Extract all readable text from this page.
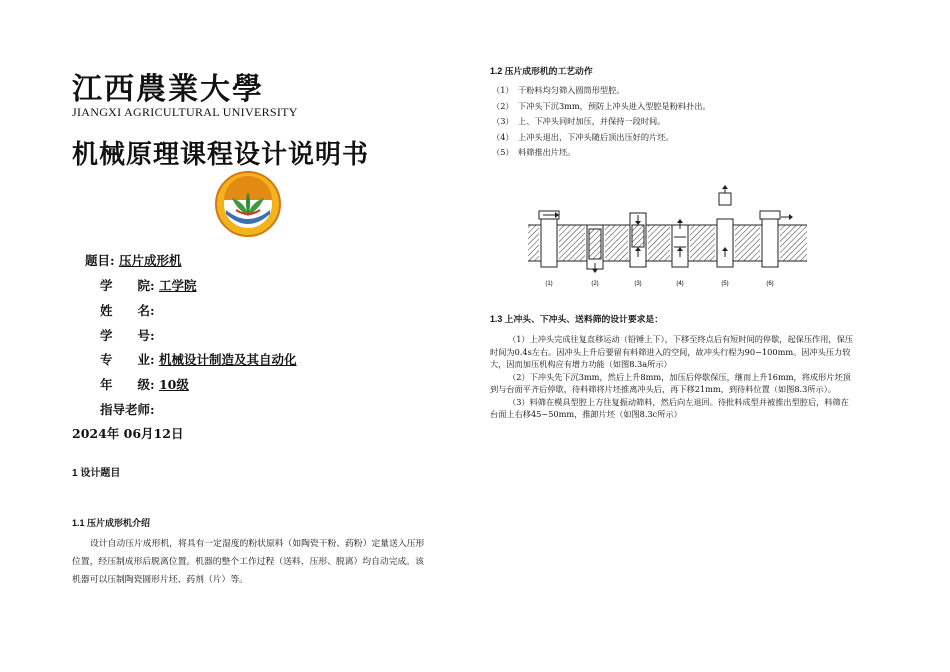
江西農業大學
JIANGXI AGRICULTURAL UNIVERSITY
机械原理课程设计说明书
题目: 压片成形机
学　　院: 工学院
姓　　名:
学　　号:
专　　业: 机械设计制造及其自动化
年　　级: 10级
指导老师:
2024年 06月12日
1 设计题目
1.1 压片成形机介绍
设计自动压片成形机，将具有一定湿度的粉状原料（如陶瓷干粉、药粉）定量送入压形
位置，经压制成形后脱离位置。机器的整个工作过程（送料、压形、脱离）均自动完成。该
机器可以压制陶瓷圆形片坯、药剂（片）等。
1.2 压片成形机的工艺动作
（1） 干粉料均匀筛入圆筒形型腔。
（2） 下冲头下沉3mm，预防上冲头进入型腔是粉料扑出。
（3） 上、下冲头同时加压，并保持一段时间。
（4） 上冲头退出，下冲头随后顶出压好的片坯。
（5） 料筛推出片坯。
(1)	(2)	(3)	(4)	(5)	(6)
1.3 上冲头、下冲头、送料筛的设计要求是：

（1）上冲头完成往复直移运动（铅锤上下），下移至终点后有短时间的停歇，起保压作用，保压时间为0.4s左右。因冲头上升后要留有料筛进入的空间，故冲头行程为90~100mm。因冲头压力较大，因而加压机构应有增力功能（如图8.3a所示）

（2）下冲头先下沉3mm，然后上升8mm，加压后停歇保压，继而上升16mm，将成形片坯顶到与台面平齐后停歇，待料筛将片坯推离冲头后，再下移21mm，到待料位置（如图8.3所示）。

（3）料筛在模具型腔上方往复振动筛料，然后向左退回。待批料成型并被推出型腔后，料筛在台面上右移45~50mm，推卸片坯（如图8.3c所示）
